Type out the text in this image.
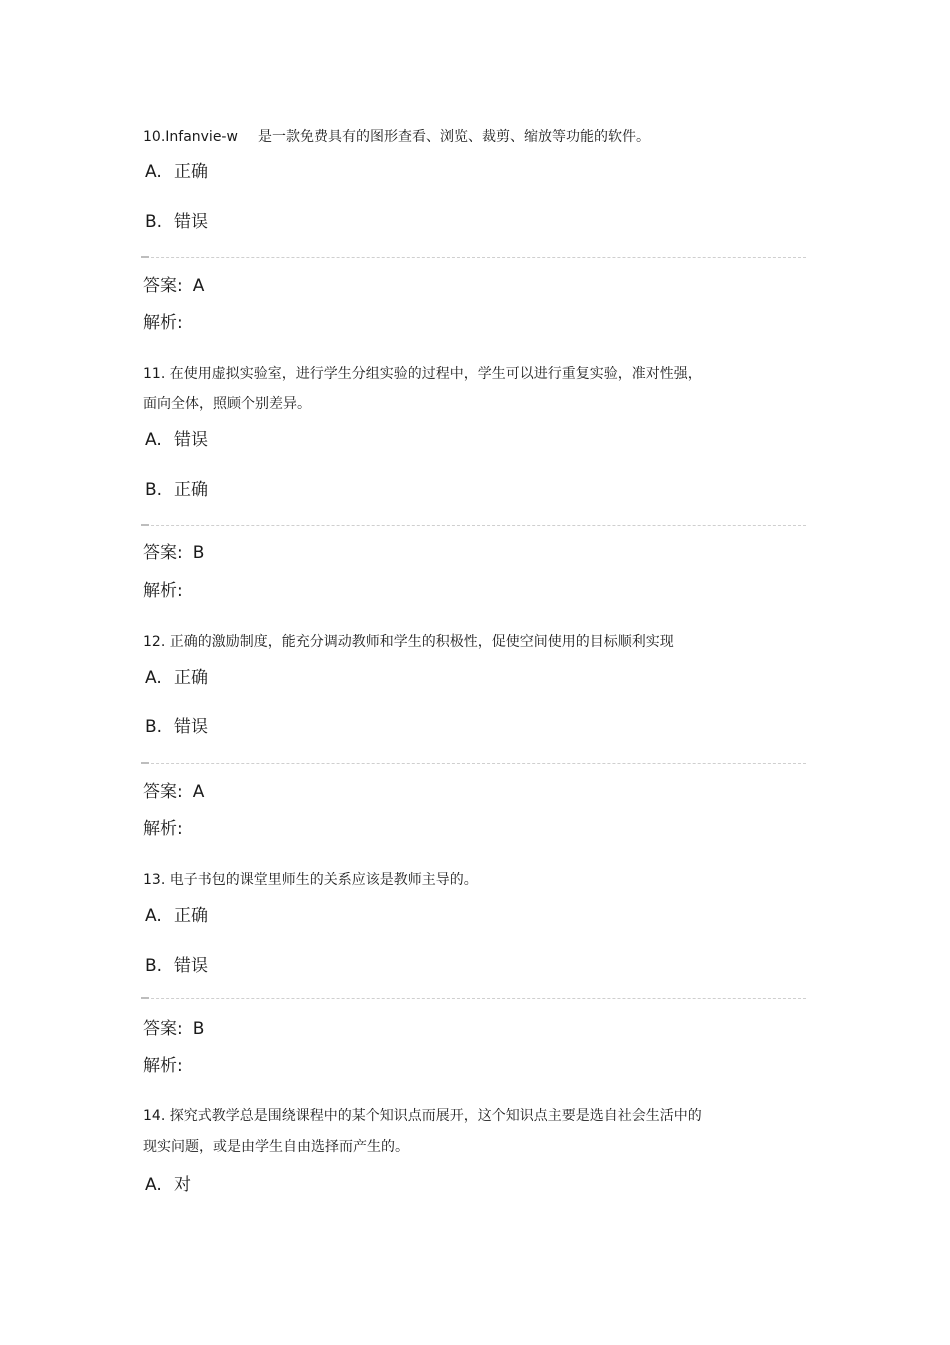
10.Infanvie-w 是一款免费具有的图形查看、浏览、裁剪、缩放等功能的软件。
A. 正确
B. 错误
答案: A
解析:
11. 在使用虚拟实验室，进行学生分组实验的过程中，学生可以进行重复实验，准对性强，
面向全体，照顾个别差异。
A. 错误
B. 正确
答案: B
解析:
12. 正确的激励制度，能充分调动教师和学生的积极性，促使空间使用的目标顺利实现
A. 正确
B. 错误
答案: A
解析:
13. 电子书包的课堂里师生的关系应该是教师主导的。
A. 正确
B. 错误
答案: B
解析:
14. 探究式教学总是围绕课程中的某个知识点而展开，这个知识点主要是选自社会生活中的
现实问题，或是由学生自由选择而产生的。
A. 对
